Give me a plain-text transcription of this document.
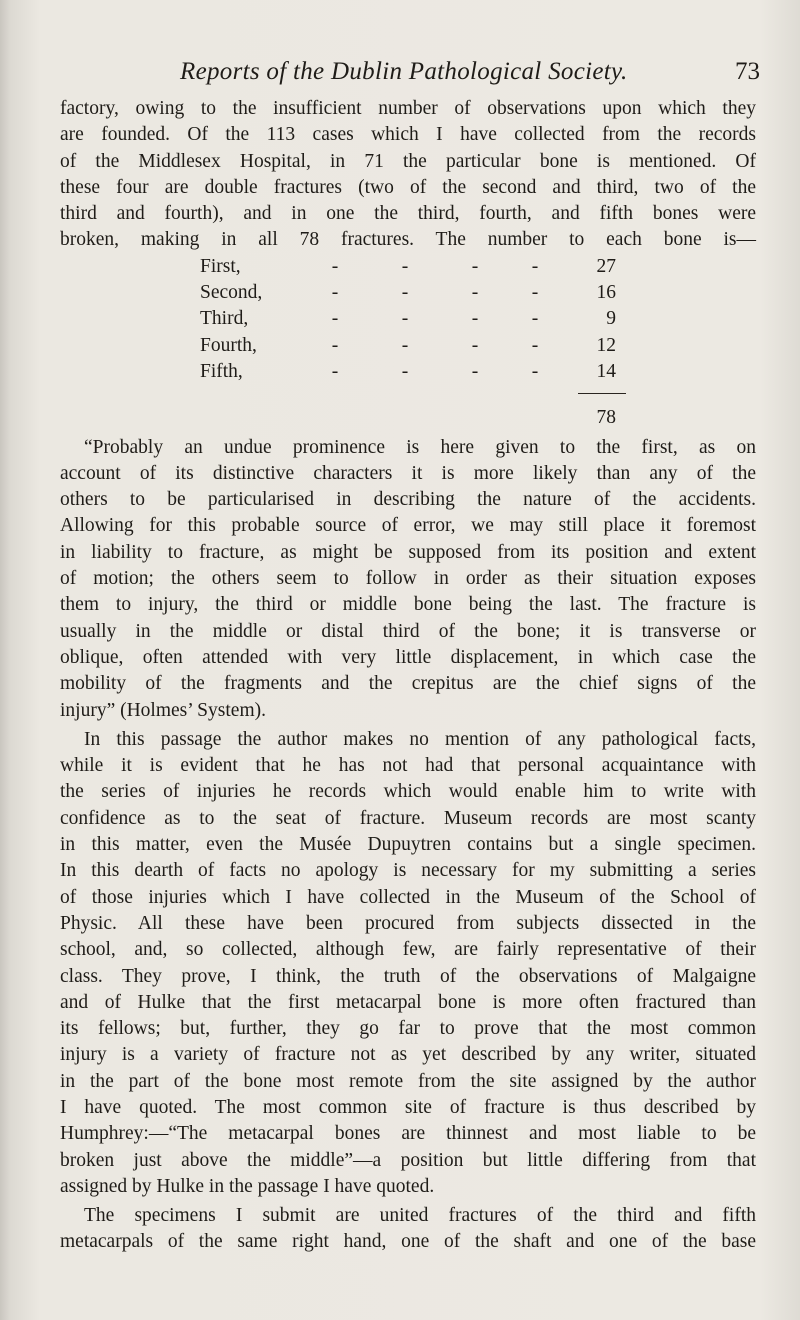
Reports of the Dublin Pathological Society.	73
factory, owing to the insufficient number of observations upon which they
are founded. Of the 113 cases which I have collected from the records
of the Middlesex Hospital, in 71 the particular bone is mentioned. Of
these four are double fractures (two of the second and third, two of the
third and fourth), and in one the third, fourth, and fifth bones were
broken, making in all 78 fractures. The number to each bone is—
First,	-	-	-	-	27
Second,	-	-	-	-	16
Third,	-	-	-	-	9
Fourth,	-	-	-	-	12
Fifth,	-	-	-	-	14
78
“Probably an undue prominence is here given to the first, as on
account of its distinctive characters it is more likely than any of the
others to be particularised in describing the nature of the accidents.
Allowing for this probable source of error, we may still place it foremost
in liability to fracture, as might be supposed from its position and extent
of motion; the others seem to follow in order as their situation exposes
them to injury, the third or middle bone being the last. The fracture is
usually in the middle or distal third of the bone; it is transverse or
oblique, often attended with very little displacement, in which case the
mobility of the fragments and the crepitus are the chief signs of the
injury” (Holmes’ System).
In this passage the author makes no mention of any pathological facts,
while it is evident that he has not had that personal acquaintance with
the series of injuries he records which would enable him to write with
confidence as to the seat of fracture. Museum records are most scanty
in this matter, even the Musée Dupuytren contains but a single specimen.
In this dearth of facts no apology is necessary for my submitting a series
of those injuries which I have collected in the Museum of the School of
Physic. All these have been procured from subjects dissected in the
school, and, so collected, although few, are fairly representative of their
class. They prove, I think, the truth of the observations of Malgaigne
and of Hulke that the first metacarpal bone is more often fractured than
its fellows; but, further, they go far to prove that the most common
injury is a variety of fracture not as yet described by any writer, situated
in the part of the bone most remote from the site assigned by the author
I have quoted. The most common site of fracture is thus described by
Humphrey:—“The metacarpal bones are thinnest and most liable to be
broken just above the middle”—a position but little differing from that
assigned by Hulke in the passage I have quoted.
The specimens I submit are united fractures of the third and fifth
metacarpals of the same right hand, one of the shaft and one of the base
